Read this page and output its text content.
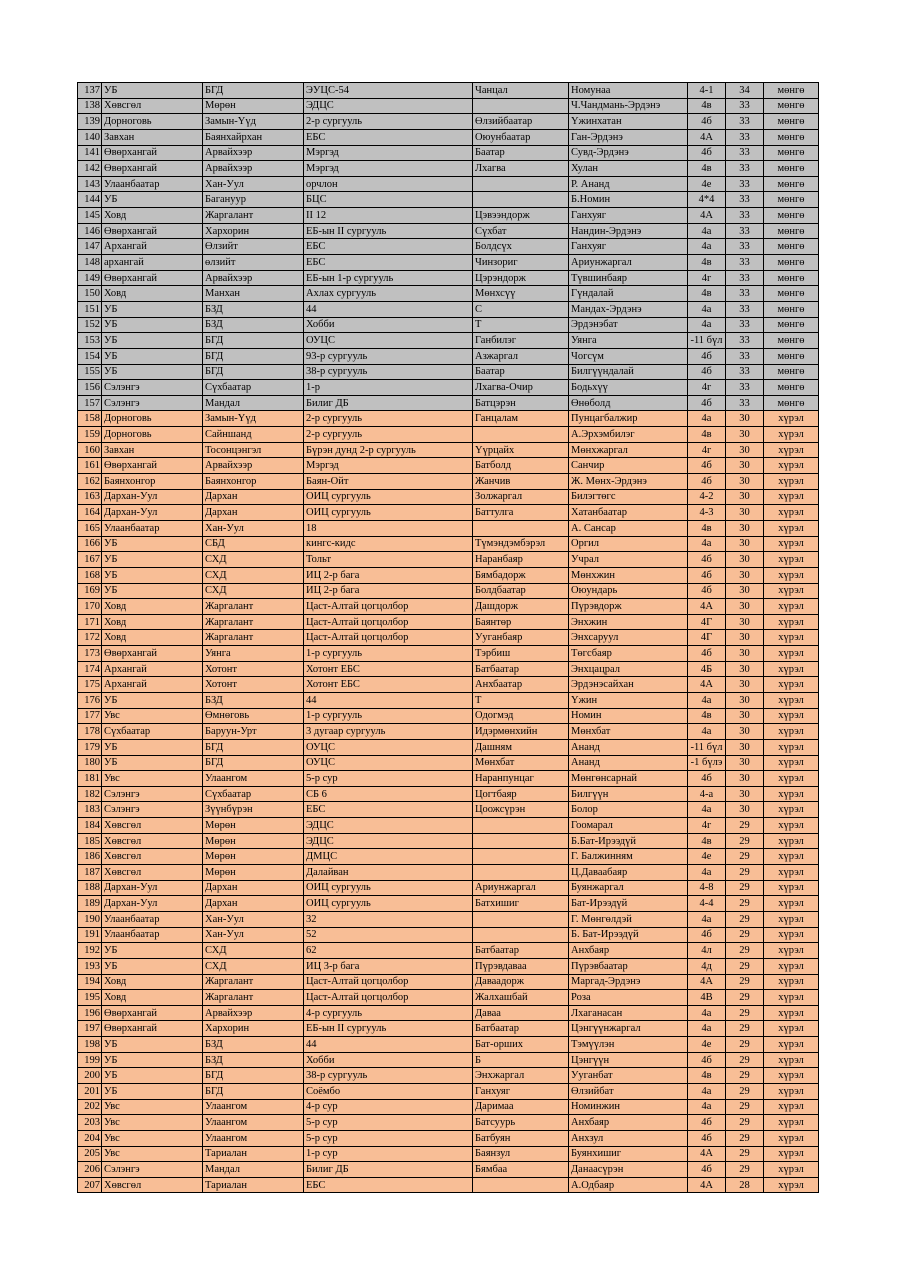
137	УБ	БГД	ЭУЦС-54	Чанцал	Номунаа	4-1	34	мөнгө
138	Хөвсгөл	Мөрөн	ЭДЦС		Ч.Чандмань-Эрдэнэ	4в	33	мөнгө
139	Дорноговь	Замын-Үүд	2-р сургууль	Өлзийбаатар	Үжинхатан	4б	33	мөнгө
140	Завхан	Баянхайрхан	ЕБС	Оюунбаатар	Ган-Эрдэнэ	4А	33	мөнгө
141	Өвөрхангай	Арвайхээр	Мэргэд	Баатар	Сувд-Эрдэнэ	4б	33	мөнгө
142	Өвөрхангай	Арвайхээр	Мэргэд	Лхагва	Хулан	4в	33	мөнгө
143	Улаанбаатар	Хан-Уул	орчлон		Р. Ананд	4е	33	мөнгө
144	УБ	Багануур	БЦС		Б.Номин	4*4	33	мөнгө
145	Ховд	Жаргалант	II 12	Цэвээндорж	Ганхуяг	4А	33	мөнгө
146	Өвөрхангай	Хархорин	ЕБ-ын II сургууль	Сүхбат	Нандин-Эрдэнэ	4а	33	мөнгө
147	Архангай	Өлзийт	ЕБС	Болдсүх	Ганхуяг	4а	33	мөнгө
148	архангай	өлзийт	ЕБС	Чинзориг	Ариунжаргал	4в	33	мөнгө
149	Өвөрхангай	Арвайхээр	ЕБ-ын 1-р сургууль	Цэрэндорж	Түвшинбаяр	4г	33	мөнгө
150	Ховд	Манхан	Ахлах сургууль	Мөнхсүү	Гүндалай	4в	33	мөнгө
151	УБ	БЗД	44	С	Мандах-Эрдэнэ	4а	33	мөнгө
152	УБ	БЗД	Хобби	Т	Эрдэнэбат	4а	33	мөнгө
153	УБ	БГД	ОУЦС	Ганбилэг	Уянга	-11 бүл	33	мөнгө
154	УБ	БГД	93-р сургууль	Азжаргал	Чогсүм	4б	33	мөнгө
155	УБ	БГД	38-р сургууль	Баатар	Билгүүндалай	4б	33	мөнгө
156	Сэлэнгэ	Сүхбаатар	1-р	Лхагва-Очир	Бодьхүү	4г	33	мөнгө
157	Сэлэнгэ	Мандал	Билиг ДБ	Батцэрэн	Өнөболд	4б	33	мөнгө
158	Дорноговь	Замын-Үүд	2-р сургууль	Ганцалам	Пунцагбалжир	4а	30	хүрэл
159	Дорноговь	Сайншанд	2-р сургууль		А.Эрхэмбилэг	4в	30	хүрэл
160	Завхан	Тосонцэнгэл	Бүрэн дунд 2-р сургууль	Үүрцайх	Мөнхжаргал	4г	30	хүрэл
161	Өвөрхангай	Арвайхээр	Мэргэд	Батболд	Санчир	4б	30	хүрэл
162	Баянхонгор	Баянхонгор	Баян-Ойт	Жанчив	Ж. Мөнх-Эрдэнэ	4б	30	хүрэл
163	Дархан-Уул	Дархан	ОИЦ сургууль	Золжаргал	Билэгтөгс	4-2	30	хүрэл
164	Дархан-Уул	Дархан	ОИЦ сургууль	Баттулга	Хатанбаатар	4-3	30	хүрэл
165	Улаанбаатар	Хан-Уул	18		А. Сансар	4в	30	хүрэл
166	УБ	СБД	кингс-кидс	Түмэндэмбэрэл	Оргил	4а	30	хүрэл
167	УБ	СХД	Тольт	Наранбаяр	Учрал	4б	30	хүрэл
168	УБ	СХД	ИЦ 2-р бага	Бямбадорж	Мөнхжин	4б	30	хүрэл
169	УБ	СХД	ИЦ 2-р бага	Болдбаатар	Оюундарь	4б	30	хүрэл
170	Ховд	Жаргалант	Цаст-Алтай цогцолбор	Дашдорж	Пүрэвдорж	4А	30	хүрэл
171	Ховд	Жаргалант	Цаст-Алтай цогцолбор	Баянтөр	Энхжин	4Г	30	хүрэл
172	Ховд	Жаргалант	Цаст-Алтай цогцолбор	Ууганбаяр	Энхсаруул	4Г	30	хүрэл
173	Өвөрхангай	Уянга	1-р сургууль	Тэрбиш	Төгсбаяр	4б	30	хүрэл
174	Архангай	Хотонт	Хотонт ЕБС	Батбаатар	Энхцацрал	4Б	30	хүрэл
175	Архангай	Хотонт	Хотонт ЕБС	Анхбаатар	Эрдэнэсайхан	4А	30	хүрэл
176	УБ	БЗД	44	Т	Үжин	4а	30	хүрэл
177	Увс	Өмнөговь	1-р сургууль	Одогмэд	Номин	4в	30	хүрэл
178	Сүхбаатар	Баруун-Урт	3 дугаар сургууль	Идэрмөнхийн	Мөнхбат	4а	30	хүрэл
179	УБ	БГД	ОУЦС	Дашням	Ананд	-11 бүл	30	хүрэл
180	УБ	БГД	ОУЦС	Мөнхбат	Ананд	-1 бүлэ	30	хүрэл
181	Увс	Улаангом	5-р сур	Наранпунцаг	Мөнгөнсарнай	4б	30	хүрэл
182	Сэлэнгэ	Сүхбаатар	СБ 6	Цогтбаяр	Билгүүн	4-а	30	хүрэл
183	Сэлэнгэ	Зүүнбүрэн	ЕБС	Цоожсүрэн	Болор	4а	30	хүрэл
184	Хөвсгөл	Мөрөн	ЭДЦС		Гоомарал	4г	29	хүрэл
185	Хөвсгөл	Мөрөн	ЭДЦС		Б.Бат-Ирээдүй	4в	29	хүрэл
186	Хөвсгөл	Мөрөн	ДМЦС		Г. Балжинням	4е	29	хүрэл
187	Хөвсгөл	Мөрөн	Далайван		Ц.Даваабаяр	4а	29	хүрэл
188	Дархан-Уул	Дархан	ОИЦ сургууль	Ариунжаргал	Буянжаргал	4-8	29	хүрэл
189	Дархан-Уул	Дархан	ОИЦ сургууль	Батхишиг	Бат-Ирээдүй	4-4	29	хүрэл
190	Улаанбаатар	Хан-Уул	32		Г. Мөнгөлдэй	4а	29	хүрэл
191	Улаанбаатар	Хан-Уул	52		Б. Бат-Ирээдүй	4б	29	хүрэл
192	УБ	СХД	62	Батбаатар	Анхбаяр	4л	29	хүрэл
193	УБ	СХД	ИЦ 3-р бага	Пүрэвдаваа	Пүрэвбаатар	4д	29	хүрэл
194	Ховд	Жаргалант	Цаст-Алтай цогцолбор	Даваадорж	Маргад-Эрдэнэ	4А	29	хүрэл
195	Ховд	Жаргалант	Цаст-Алтай цогцолбор	Жалхашбай	Роза	4В	29	хүрэл
196	Өвөрхангай	Арвайхээр	4-р сургууль	Даваа	Лхаганасан	4а	29	хүрэл
197	Өвөрхангай	Хархорин	ЕБ-ын II сургууль	Батбаатар	Цэнгүүнжаргал	4а	29	хүрэл
198	УБ	БЗД	44	Бат-орших	Тэмүүлэн	4е	29	хүрэл
199	УБ	БЗД	Хобби	Б	Цэнгүүн	4б	29	хүрэл
200	УБ	БГД	38-р сургууль	Энхжаргал	Ууганбат	4в	29	хүрэл
201	УБ	БГД	Соёмбо	Ганхуяг	Өлзийбат	4а	29	хүрэл
202	Увс	Улаангом	4-р сур	Даримаа	Номинжин	4а	29	хүрэл
203	Увс	Улаангом	5-р сур	Батсуурь	Анхбаяр	4б	29	хүрэл
204	Увс	Улаангом	5-р сур	Батбуян	Анхзул	4б	29	хүрэл
205	Увс	Тариалан	1-р сур	Баянзул	Буянхишиг	4А	29	хүрэл
206	Сэлэнгэ	Мандал	Билиг ДБ	Бямбаа	Данаасүрэн	4б	29	хүрэл
207	Хөвсгөл	Тариалан	ЕБС		А.Одбаяр	4А	28	хүрэл
